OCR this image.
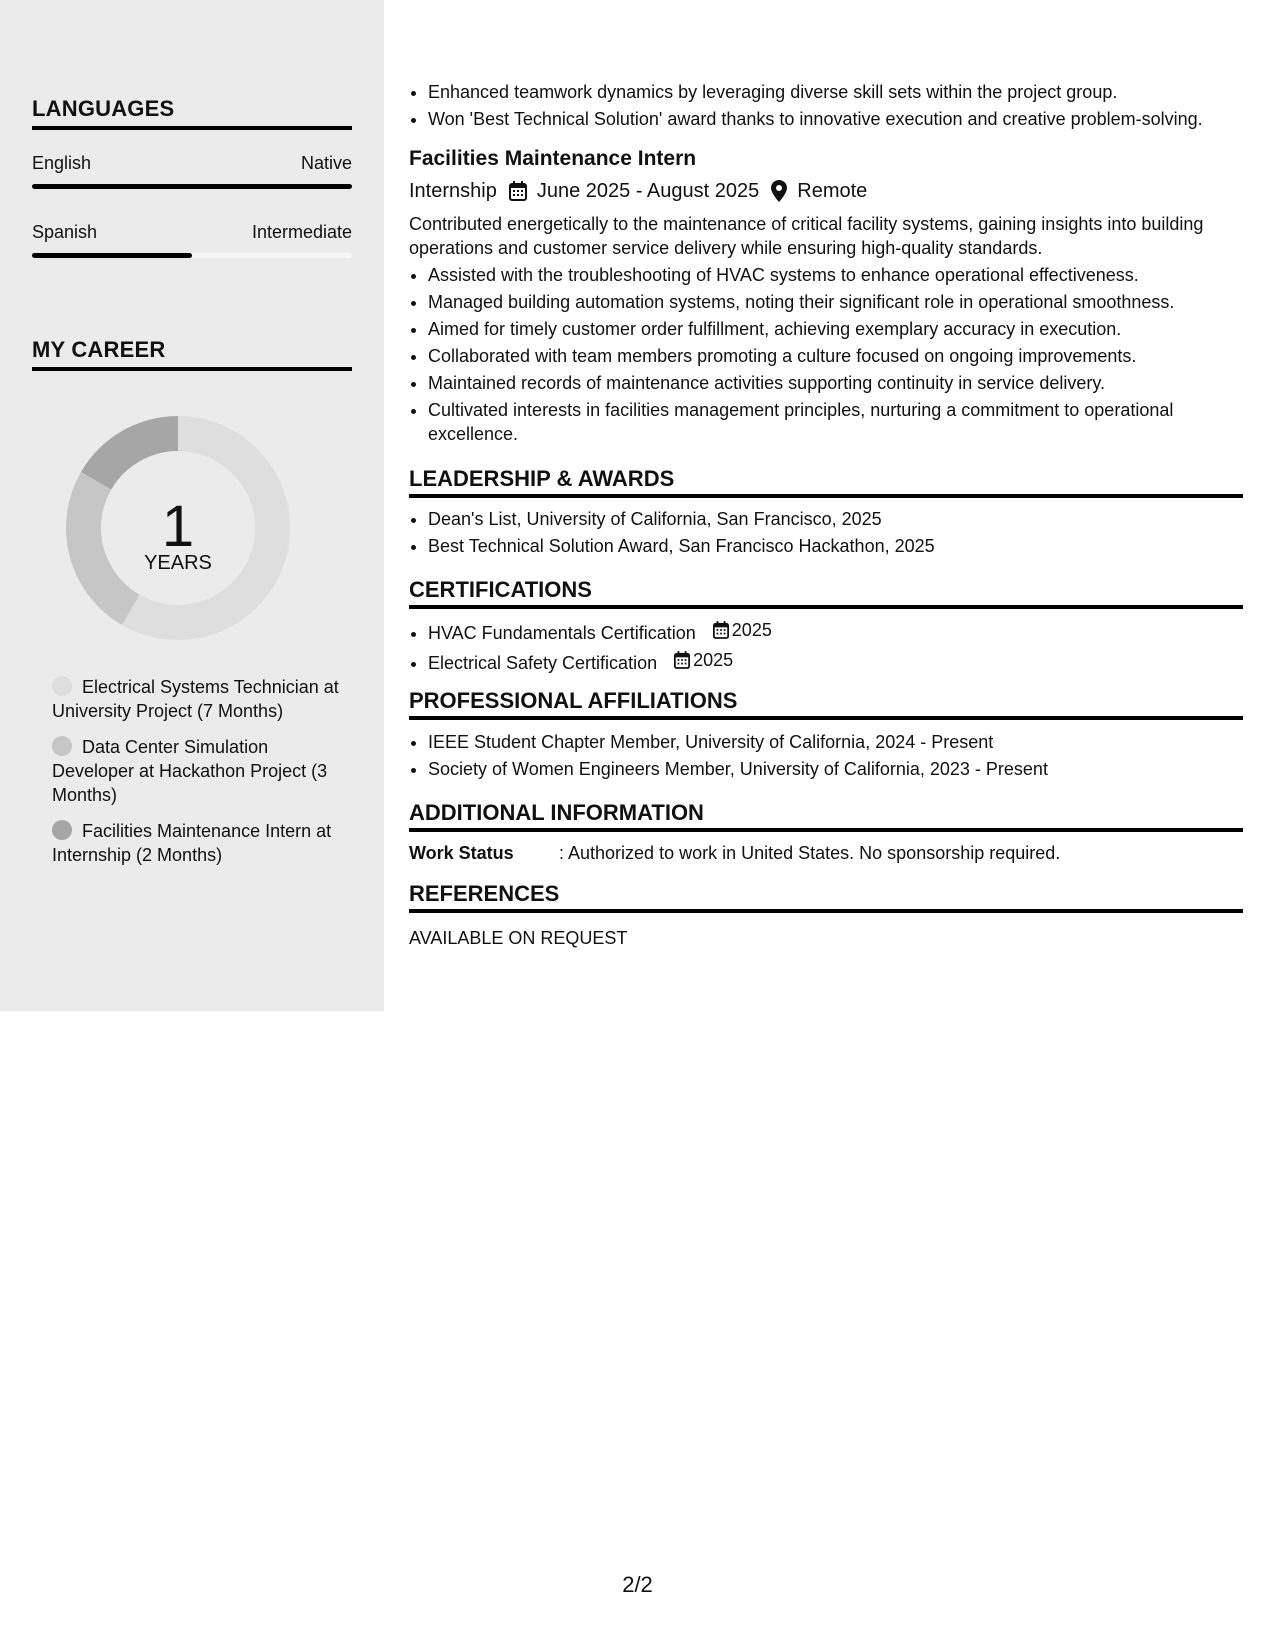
LANGUAGES
English	Native
Spanish	Intermediate
MY CAREER
1
YEARS
Electrical Systems Technician at University Project (7 Months)
Data Center Simulation Developer at Hackathon Project (3 Months)
Facilities Maintenance Intern at Internship (2 Months)
• Enhanced teamwork dynamics by leveraging diverse skill sets within the project group.
• Won 'Best Technical Solution' award thanks to innovative execution and creative problem-solving.
Facilities Maintenance Intern
Internship June 2025 - August 2025 Remote
Contributed energetically to the maintenance of critical facility systems, gaining insights into building operations and customer service delivery while ensuring high-quality standards.
• Assisted with the troubleshooting of HVAC systems to enhance operational effectiveness.
• Managed building automation systems, noting their significant role in operational smoothness.
• Aimed for timely customer order fulfillment, achieving exemplary accuracy in execution.
• Collaborated with team members promoting a culture focused on ongoing improvements.
• Maintained records of maintenance activities supporting continuity in service delivery.
• Cultivated interests in facilities management principles, nurturing a commitment to operational excellence.
LEADERSHIP & AWARDS
• Dean's List, University of California, San Francisco, 2025
• Best Technical Solution Award, San Francisco Hackathon, 2025
CERTIFICATIONS
• HVAC Fundamentals Certification 2025
• Electrical Safety Certification 2025
PROFESSIONAL AFFILIATIONS
• IEEE Student Chapter Member, University of California, 2024 - Present
• Society of Women Engineers Member, University of California, 2023 - Present
ADDITIONAL INFORMATION
Work Status	: Authorized to work in United States. No sponsorship required.
REFERENCES
AVAILABLE ON REQUEST
2/2
